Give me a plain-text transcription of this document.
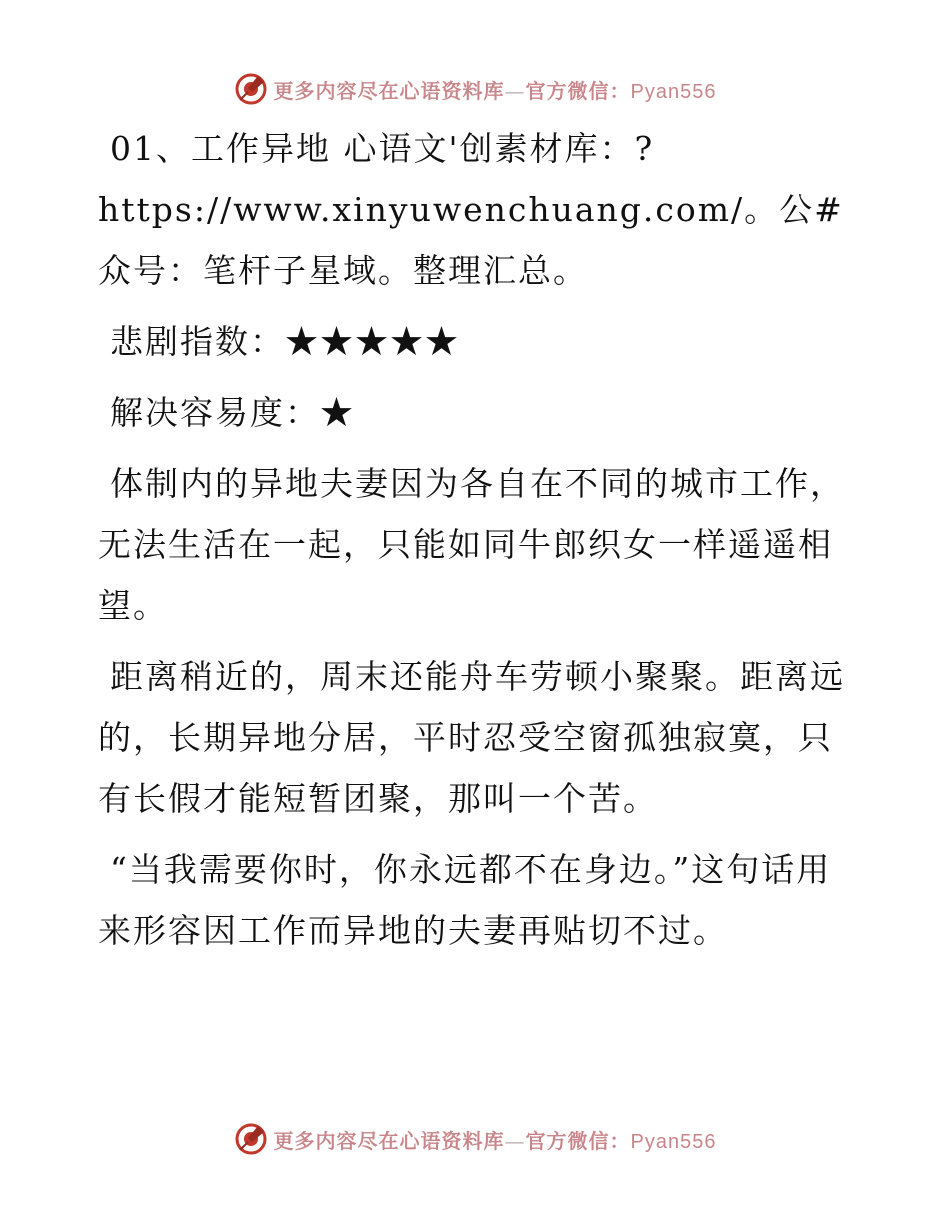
更多内容尽在心语资料库—官方微信：Pyan556

01、工作异地 心语文'创素材库：?https://www.xinyuwenchuang.com/。公#众号：笔杆子星域。整理汇总。

悲剧指数：★★★★★

解决容易度：★

体制内的异地夫妻因为各自在不同的城市工作，无法生活在一起，只能如同牛郎织女一样遥遥相望。

距离稍近的，周末还能舟车劳顿小聚聚。距离远的，长期异地分居，平时忍受空窗孤独寂寞，只有长假才能短暂团聚，那叫一个苦。

“当我需要你时，你永远都不在身边。”这句话用来形容因工作而异地的夫妻再贴切不过。

更多内容尽在心语资料库—官方微信：Pyan556
